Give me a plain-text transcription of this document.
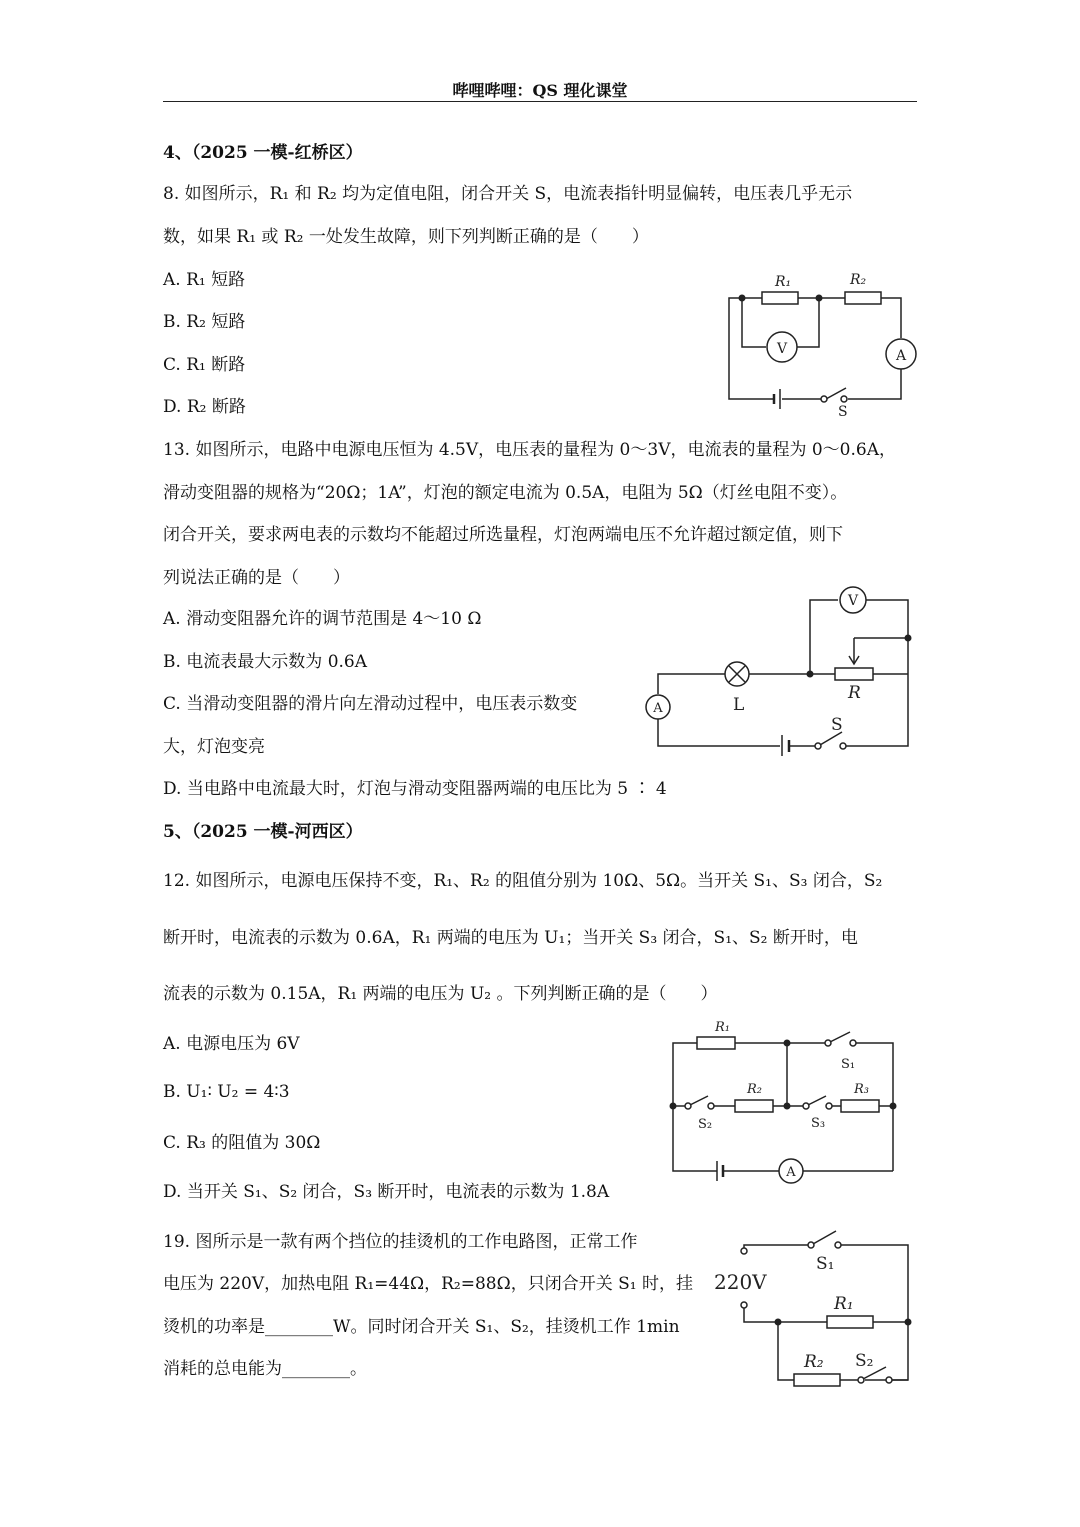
哔哩哔哩：QS 理化课堂
4、（2025 一模-红桥区）
8. 如图所示，R₁ 和 R₂ 均为定值电阻，闭合开关 S，电流表指针明显偏转，电压表几乎无示
数，如果 R₁ 或 R₂ 一处发生故障，则下列判断正确的是（　　）
A. R₁ 短路
B. R₂ 短路
C. R₁ 断路
D. R₂ 断路
A
V
R₁	R₂
S
13. 如图所示，电路中电源电压恒为 4.5V，电压表的量程为 0～3V，电流表的量程为 0～0.6A，
滑动变阻器的规格为“20Ω；1A”，灯泡的额定电流为 0.5A，电阻为 5Ω（灯丝电阻不变）。
闭合开关，要求两电表的示数均不能超过所选量程，灯泡两端电压不允许超过额定值，则下
列说法正确的是（　　）
A. 滑动变阻器允许的调节范围是 4～10 Ω
B. 电流表最大示数为 0.6A
C. 当滑动变阻器的滑片向左滑动过程中，电压表示数变
大，灯泡变亮
D. 当电路中电流最大时，灯泡与滑动变阻器两端的电压比为 5 ∶ 4
V
A	L
R
S
5、（2025 一模-河西区）
12. 如图所示，电源电压保持不变，R₁、R₂ 的阻值分别为 10Ω、5Ω。当开关 S₁、S₃ 闭合，S₂
断开时，电流表的示数为 0.6A，R₁ 两端的电压为 U₁；当开关 S₃ 闭合，S₁、S₂ 断开时，电
流表的示数为 0.15A，R₁ 两端的电压为 U₂ 。下列判断正确的是（　　）
A. 电源电压为 6V
B. U₁∶ U₂ = 4∶3
C. R₃ 的阻值为 30Ω
D. 当开关 S₁、S₂ 闭合，S₃ 断开时，电流表的示数为 1.8A
A
R₁
S₁
R₂	R₃
S₂	S₃
19. 图所示是一款有两个挡位的挂烫机的工作电路图，正常工作
电压为 220V，加热电阻 R₁=44Ω，R₂=88Ω，只闭合开关 S₁ 时，挂
烫机的功率是________W。同时闭合开关 S₁、S₂，挂烫机工作 1min
消耗的总电能为________。
220V
S₁
R₁
R₂ S₂
